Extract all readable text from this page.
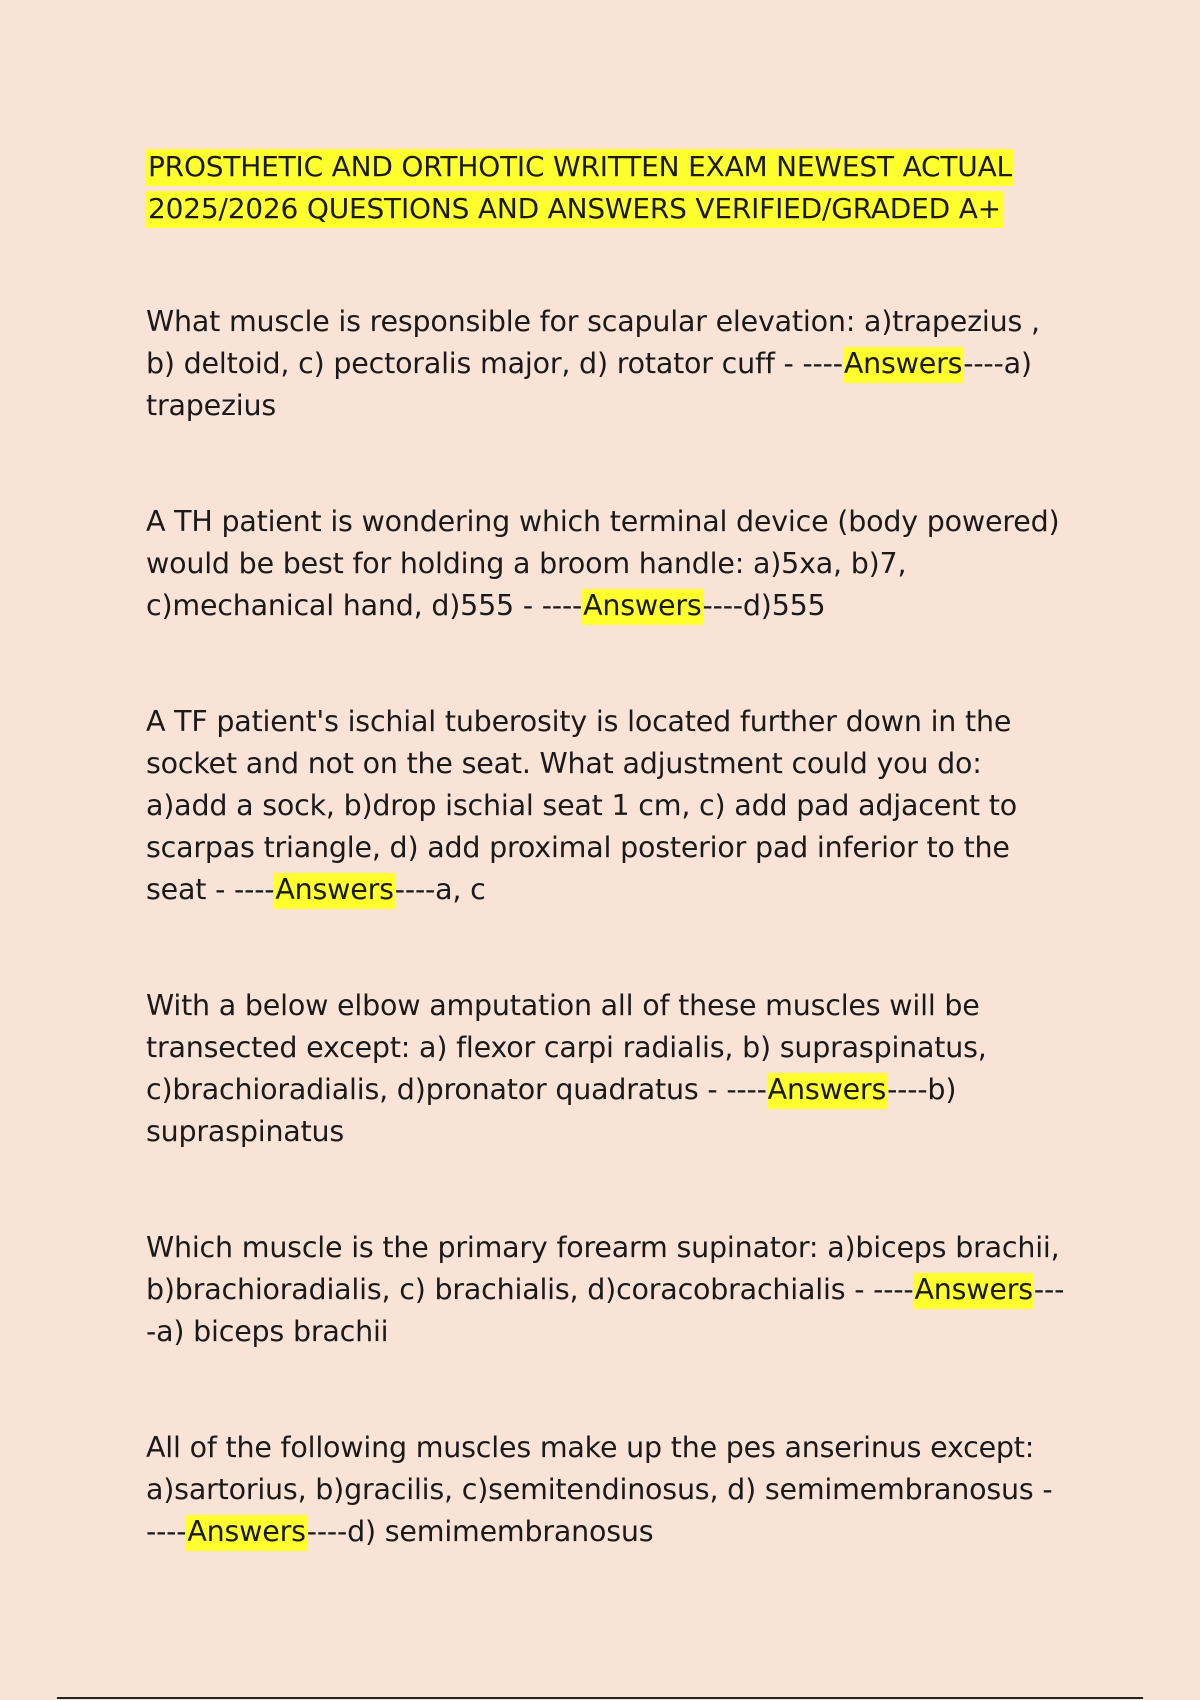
PROSTHETIC AND ORTHOTIC WRITTEN EXAM NEWEST ACTUAL
2025/2026 QUESTIONS AND ANSWERS VERIFIED/GRADED A+
What muscle is responsible for scapular elevation: a)trapezius , b) deltoid, c) pectoralis major, d) rotator cuff - ----Answers----a) trapezius
A TH patient is wondering which terminal device (body powered) would be best for holding a broom handle: a)5xa, b)7, c)mechanical hand, d)555 - ----Answers----d)555
A TF patient's ischial tuberosity is located further down in the socket and not on the seat. What adjustment could you do: a)add a sock, b)drop ischial seat 1 cm, c) add pad adjacent to scarpas triangle, d) add proximal posterior pad inferior to the seat - ----Answers----a, c
With a below elbow amputation all of these muscles will be transected except: a) flexor carpi radialis, b) supraspinatus, c)brachioradialis, d)pronator quadratus - ----Answers----b) supraspinatus
Which muscle is the primary forearm supinator: a)biceps brachii, b)brachioradialis, c) brachialis, d)coracobrachialis - ----Answers----a) biceps brachii
All of the following muscles make up the pes anserinus except: a)sartorius, b)gracilis, c)semitendinosus, d) semimembranosus - ----Answers----d) semimembranosus
